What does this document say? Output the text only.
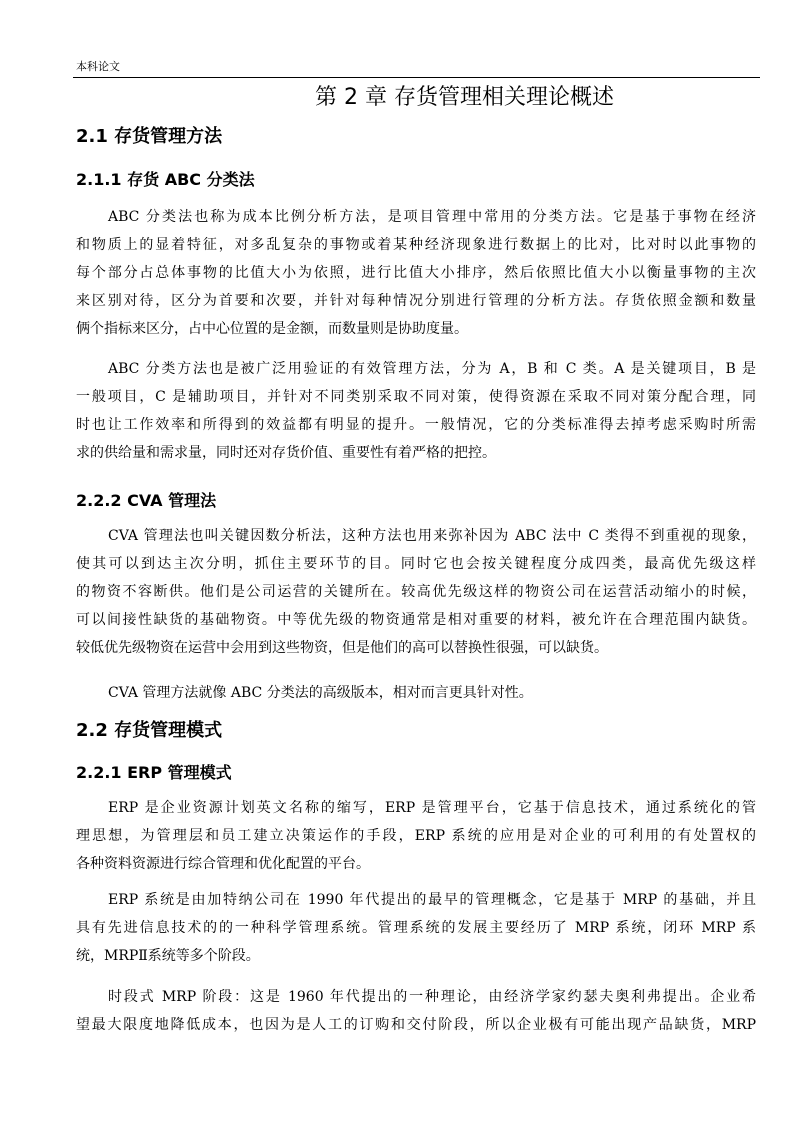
本科论文
第 2 章 存货管理相关理论概述
2.1 存货管理方法
2.1.1 存货 ABC 分类法
ABC 分类法也称为成本比例分析方法，是项目管理中常用的分类方法。它是基于事物在经济
和物质上的显着特征，对多乱复杂的事物或着某种经济现象进行数据上的比对，比对时以此事物的
每个部分占总体事物的比值大小为依照，进行比值大小排序，然后依照比值大小以衡量事物的主次
来区别对待，区分为首要和次要，并针对每种情况分别进行管理的分析方法。存货依照金额和数量
俩个指标来区分，占中心位置的是金额，而数量则是协助度量。
ABC 分类方法也是被广泛用验证的有效管理方法，分为 A，B 和 C 类。A 是关键项目，B 是
一般项目，C 是辅助项目，并针对不同类别采取不同对策，使得资源在采取不同对策分配合理，同
时也让工作效率和所得到的效益都有明显的提升。一般情况，它的分类标准得去掉考虑采购时所需
求的供给量和需求量，同时还对存货价值、重要性有着严格的把控。
2.2.2 CVA 管理法
CVA 管理法也叫关键因数分析法，这种方法也用来弥补因为 ABC 法中 C 类得不到重视的现象，
使其可以到达主次分明，抓住主要环节的目。同时它也会按关键程度分成四类，最高优先级这样
的物资不容断供。他们是公司运营的关键所在。较高优先级这样的物资公司在运营活动缩小的时候，
可以间接性缺货的基础物资。中等优先级的物资通常是相对重要的材料，被允许在合理范围内缺货。
较低优先级物资在运营中会用到这些物资，但是他们的高可以替换性很强，可以缺货。
CVA 管理方法就像 ABC 分类法的高级版本，相对而言更具针对性。
2.2 存货管理模式
2.2.1 ERP 管理模式
ERP 是企业资源计划英文名称的缩写，ERP 是管理平台，它基于信息技术，通过系统化的管
理思想，为管理层和员工建立决策运作的手段，ERP 系统的应用是对企业的可利用的有处置权的
各种资料资源进行综合管理和优化配置的平台。
ERP 系统是由加特纳公司在 1990 年代提出的最早的管理概念，它是基于 MRP 的基础，并且
具有先进信息技术的的一种科学管理系统。管理系统的发展主要经历了 MRP 系统，闭环 MRP 系
统，MRPⅡ系统等多个阶段。
时段式 MRP 阶段：这是 1960 年代提出的一种理论，由经济学家约瑟夫奥利弗提出。企业希
望最大限度地降低成本，也因为是人工的订购和交付阶段，所以企业极有可能出现产品缺货，MRP
